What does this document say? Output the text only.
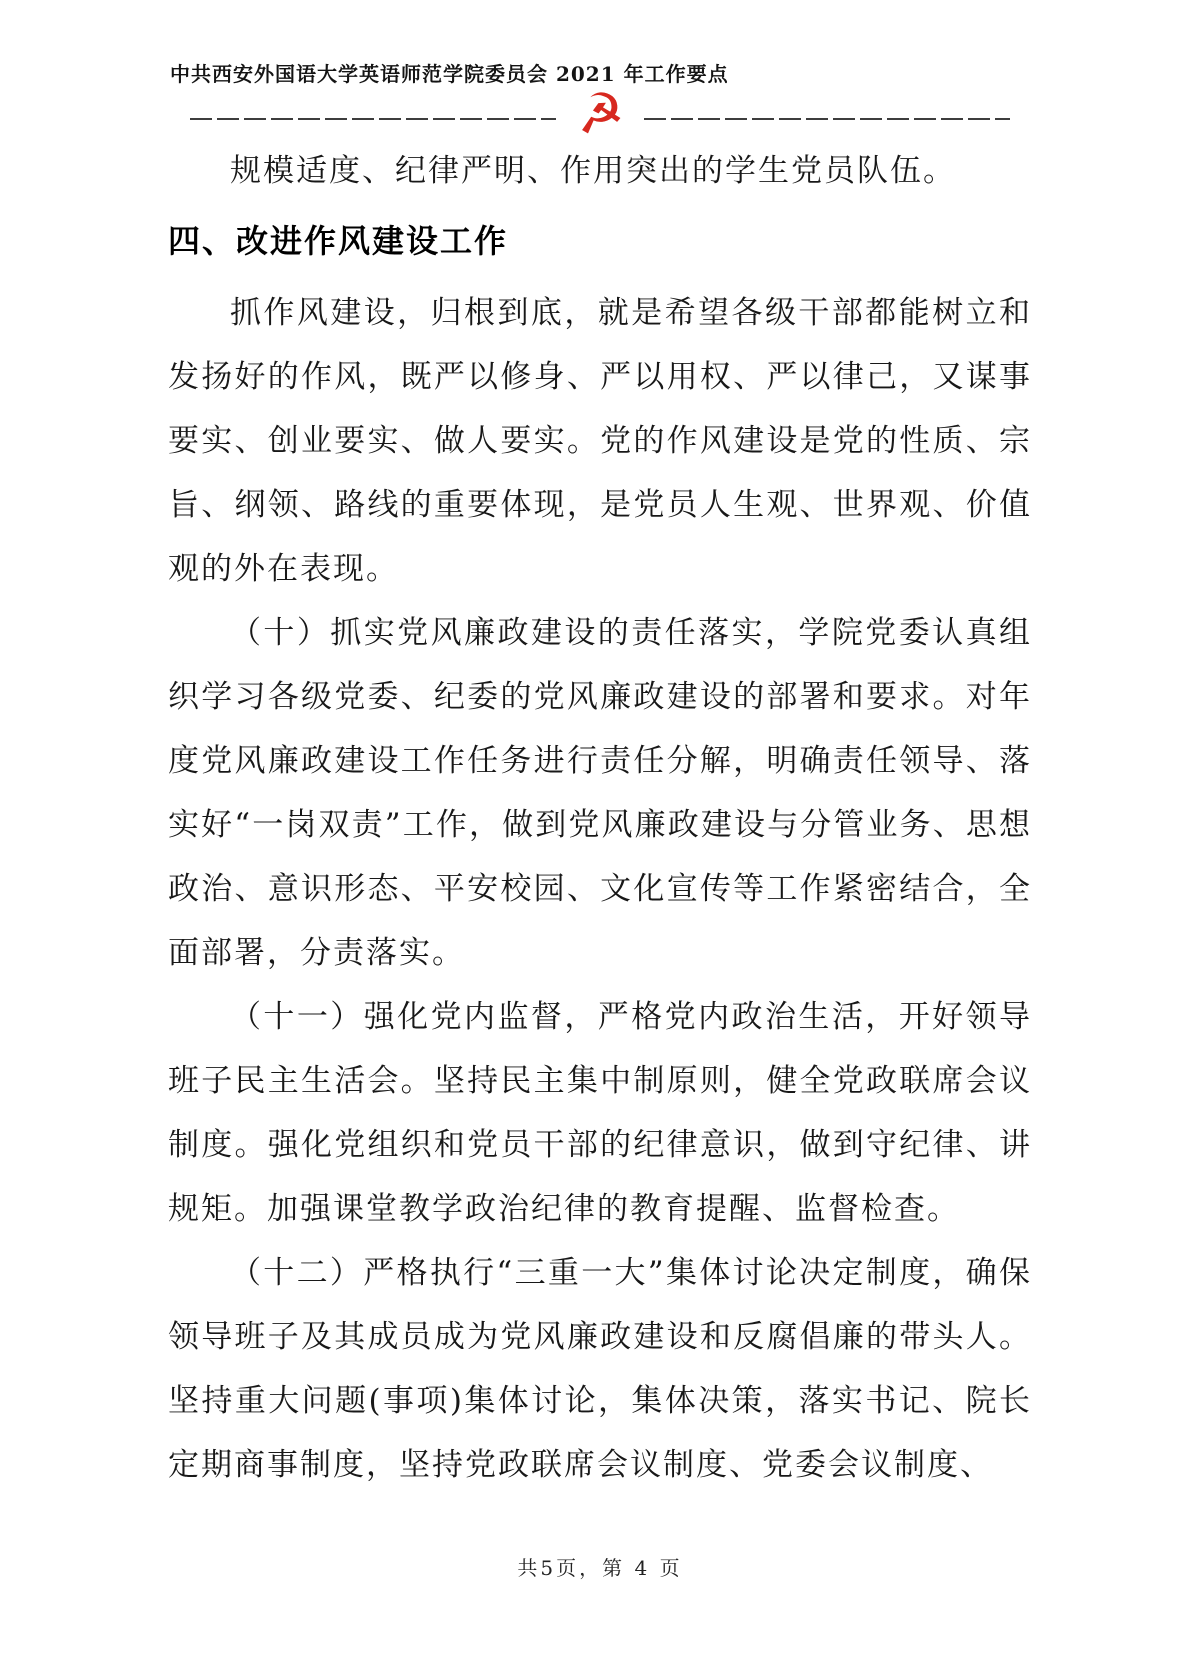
中共西安外国语大学英语师范学院委员会 2021 年工作要点
☭

规模适度、纪律严明、作用突出的学生党员队伍。

四、改进作风建设工作

抓作风建设，归根到底，就是希望各级干部都能树立和发扬好的作风，既严以修身、严以用权、严以律己，又谋事要实、创业要实、做人要实。党的作风建设是党的性质、宗旨、纲领、路线的重要体现，是党员人生观、世界观、价值观的外在表现。

（十）抓实党风廉政建设的责任落实，学院党委认真组织学习各级党委、纪委的党风廉政建设的部署和要求。对年度党风廉政建设工作任务进行责任分解，明确责任领导、落实好“一岗双责”工作，做到党风廉政建设与分管业务、思想政治、意识形态、平安校园、文化宣传等工作紧密结合，全面部署，分责落实。

（十一）强化党内监督，严格党内政治生活，开好领导班子民主生活会。坚持民主集中制原则，健全党政联席会议制度。强化党组织和党员干部的纪律意识，做到守纪律、讲规矩。加强课堂教学政治纪律的教育提醒、监督检查。

（十二）严格执行“三重一大”集体讨论决定制度，确保领导班子及其成员成为党风廉政建设和反腐倡廉的带头人。坚持重大问题(事项)集体讨论，集体决策，落实书记、院长定期商事制度，坚持党政联席会议制度、党委会议制度、

共5页，第 4 页
